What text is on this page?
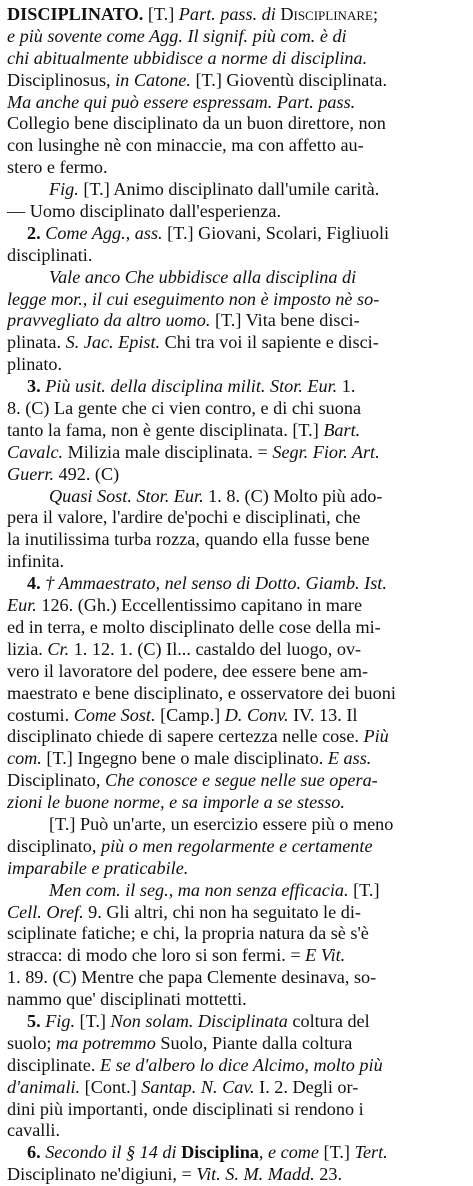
DISCIPLINATO. [T.] Part. pass. di Disciplinare;
e più sovente come Agg. Il signif. più com. è di
chi abitualmente ubbidisce a norme di disciplina.
Disciplinosus, in Catone. [T.] Gioventù disciplinata.
Ma anche qui può essere espressam. Part. pass.
Collegio bene disciplinato da un buon direttore, non
con lusinghe nè con minaccie, ma con affetto au-
stero e fermo.
Fig. [T.] Animo disciplinato dall'umile carità.
— Uomo disciplinato dall'esperienza.
2. Come Agg., ass. [T.] Giovani, Scolari, Figliuoli
disciplinati.
Vale anco Che ubbidisce alla disciplina di
legge mor., il cui eseguimento non è imposto nè so-
pravvegliato da altro uomo. [T.] Vita bene disci-
plinata. S. Jac. Epist. Chi tra voi il sapiente e disci-
plinato.
3. Più usit. della disciplina milit. Stor. Eur. 1.
8. (C) La gente che ci vien contro, e di chi suona
tanto la fama, non è gente disciplinata. [T.] Bart.
Cavalc. Milizia male disciplinata. = Segr. Fior. Art.
Guerr. 492. (C)
Quasi Sost. Stor. Eur. 1. 8. (C) Molto più ado-
pera il valore, l'ardire de'pochi e disciplinati, che
la inutilissima turba rozza, quando ella fusse bene
infinita.
4. † Ammaestrato, nel senso di Dotto. Giamb. Ist.
Eur. 126. (Gh.) Eccellentissimo capitano in mare
ed in terra, e molto disciplinato delle cose della mi-
lizia. Cr. 1. 12. 1. (C) Il... castaldo del luogo, ov-
vero il lavoratore del podere, dee essere bene am-
maestrato e bene disciplinato, e osservatore dei buoni
costumi. Come Sost. [Camp.] D. Conv. IV. 13. Il
disciplinato chiede di sapere certezza nelle cose. Più
com. [T.] Ingegno bene o male disciplinato. E ass.
Disciplinato, Che conosce e segue nelle sue opera-
zioni le buone norme, e sa imporle a se stesso.
[T.] Può un'arte, un esercizio essere più o meno
disciplinato, più o men regolarmente e certamente
imparabile e praticabile.
Men com. il seg., ma non senza efficacia. [T.]
Cell. Oref. 9. Gli altri, chi non ha seguitato le di-
sciplinate fatiche; e chi, la propria natura da sè s'è
stracca: di modo che loro si son fermi. = E Vit.
1. 89. (C) Mentre che papa Clemente desinava, so-
nammo que' disciplinati mottetti.
5. Fig. [T.] Non solam. Disciplinata coltura del
suolo; ma potremmo Suolo, Piante dalla coltura
disciplinate. E se d'albero lo dice Alcimo, molto più
d'animali. [Cont.] Santap. N. Cav. I. 2. Degli or-
dini più importanti, onde disciplinati si rendono i
cavalli.
6. Secondo il § 14 di Disciplina, e come [T.] Tert.
Disciplinato ne'digiuni, = Vit. S. M. Madd. 23.
